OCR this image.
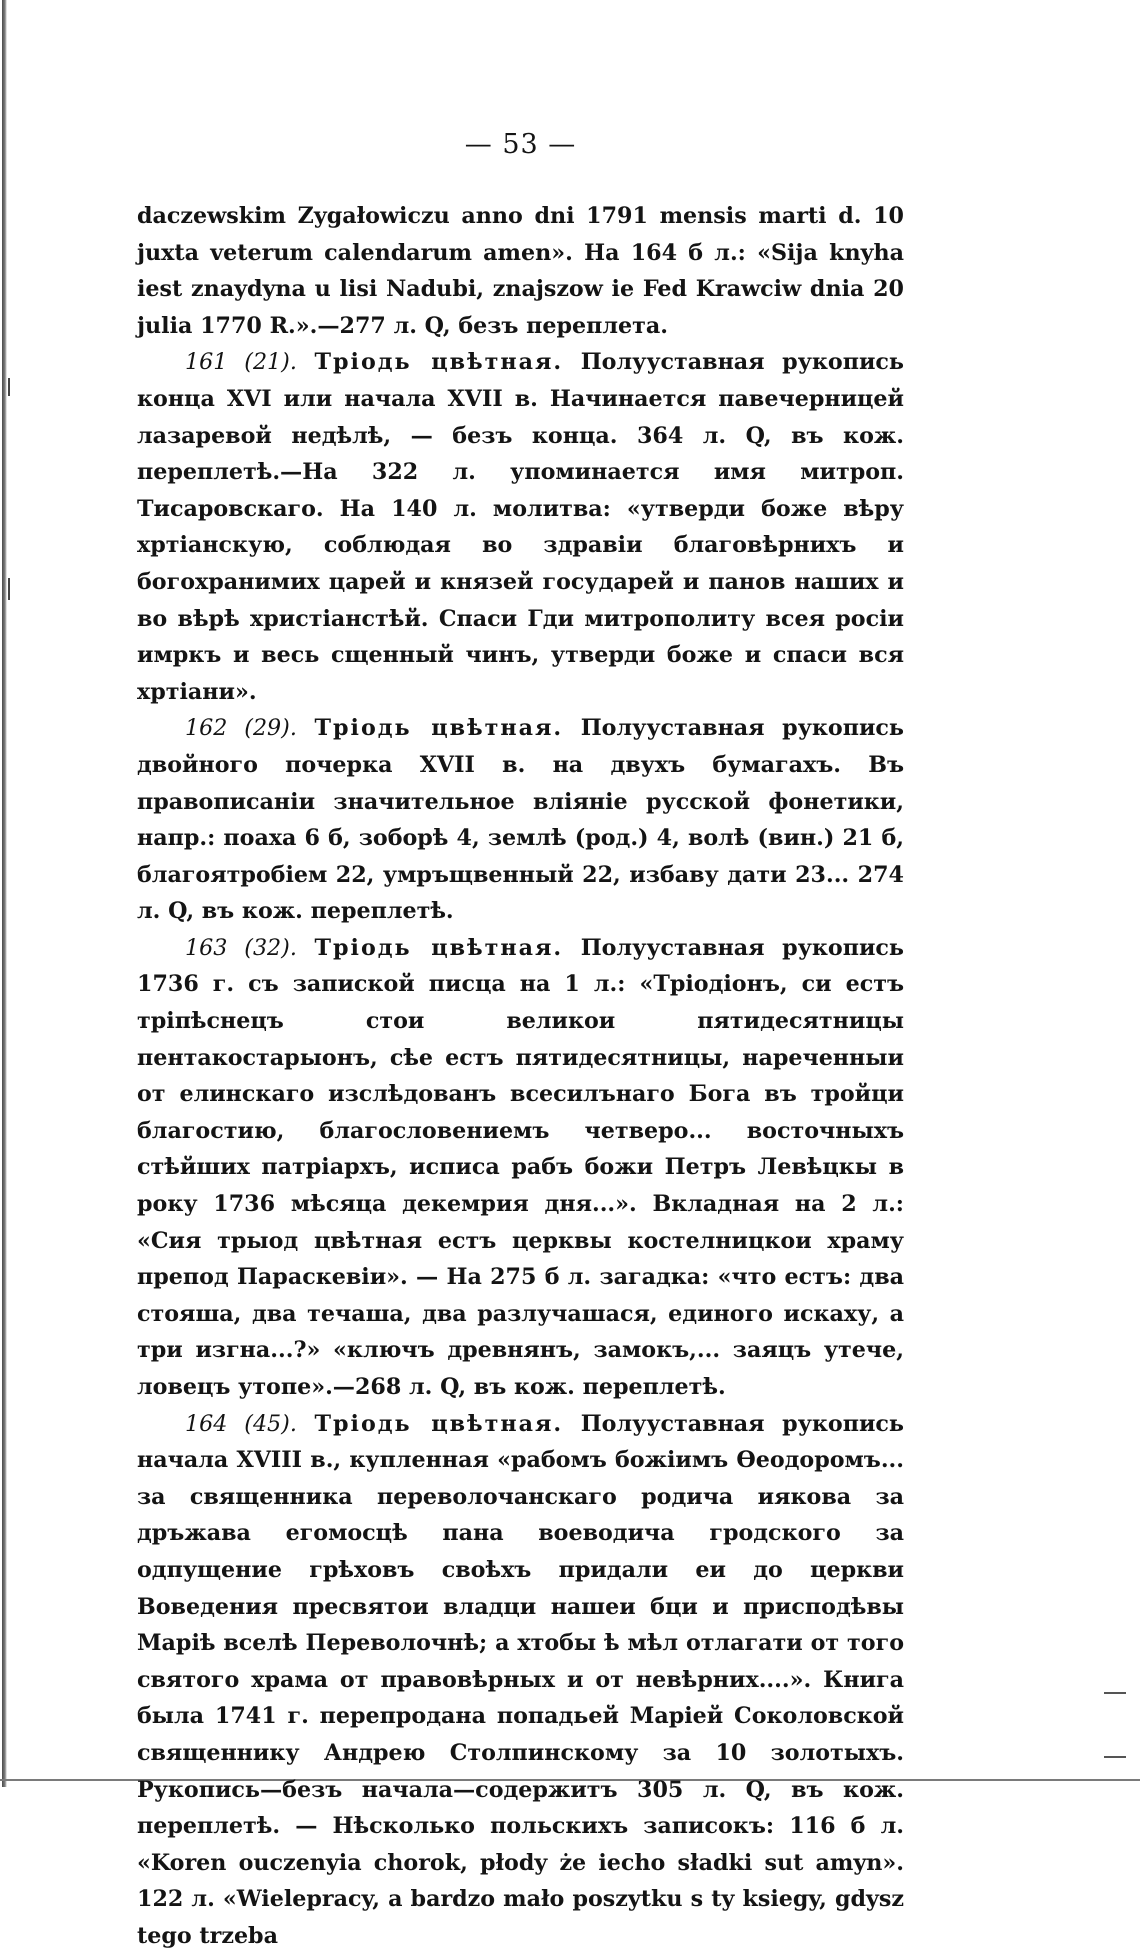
— 53 —

daczewskim Zygałowiczu anno dni 1791 mensis marti d. 10 juxta veterum calendarum amen». На 164 б л.: «Sija knyha iest znaydyna u lisi Nadubi, znajszow ie Fed Krawciw dnia 20 julia 1770 R.».—277 л. Q, безъ переплета.

161 (21). Тріодь цвѣтная. Полууставная рукопись конца XVI или начала XVII в. Начинается павечерницей лазаревой недѣлѣ, — безъ конца. 364 л. Q, въ кож. переплетѣ.—На 322 л. упоминается имя митроп. Тисаровскаго. На 140 л. молитва: «утверди боже вѣру хртіанскую, соблюдая во здравіи благовѣрнихъ и богохранимих царей и князей государей и панов наших и во вѣрѣ христіанстѣй. Спаси Гди митрополиту всея росіи имркъ и весь сщенный чинъ, утверди боже и спаси вся хртіани».

162 (29). Тріодь цвѣтная. Полууставная рукопись двойного почерка XVII в. на двухъ бумагахъ. Въ правописаніи значительное вліяніе русской фонетики, напр.: поаха 6 б, зоборѣ 4, землѣ (род.) 4, волѣ (вин.) 21 б, благоятробіем 22, умръщвенный 22, избаву дати 23... 274 л. Q, въ кож. переплетѣ.

163 (32). Тріодь цвѣтная. Полууставная рукопись 1736 г. съ запиской писца на 1 л.: «Тріодіонъ, си естъ тріпѣснецъ стои великои пятидесятницы пентакостарыонъ, сѣе естъ пятидесятницы, нареченныи от елинскаго изслѣдованъ всесилънаго Бога въ тройци благостию, благословениемъ четверо... восточныхъ стѣйших патріархъ, исписа рабъ божи Петръ Левѣцкы в року 1736 мѣсяца декемрия дня...». Вкладная на 2 л.: «Сия трыод цвѣтная естъ церквы костелницкои храму препод Параскевіи». — На 275 б л. загадка: «что естъ: два стояша, два течаша, два разлучашася, единого искаху, а три изгна...?» «ключъ древнянъ, замокъ,... заяцъ утече, ловецъ утопе».—268 л. Q, въ кож. переплетѣ.

164 (45). Тріодь цвѣтная. Полууставная рукопись начала XVIII в., купленная «рабомъ божіимъ Ѳеодоромъ... за священника переволочанскаго родича иякова за дръжава егомосцѣ пана воеводича гродского за одпущение грѣховъ своѣхъ придали еи до церкви Воведения пресвятои владци нашеи бци и присподѣвы Маріѣ вселѣ Переволочнѣ; а хтобы ѣ мѣл отлагати от того святого храма от правовѣрных и от невѣрних....». Книга была 1741 г. перепродана попадьей Маріей Соколовской священнику Андрею Столпинскому за 10 золотыхъ. Рукопись—безъ начала—содержитъ 305 л. Q, въ кож. переплетѣ. — Нѣсколько польскихъ записокъ: 116 б л. «Koren ouczenyia chorok, płody że iecho sładki sut amyn». 122 л. «Wielepracy, a bardzo mało poszytku s ty ksiegy, gdysz tego trzeba
